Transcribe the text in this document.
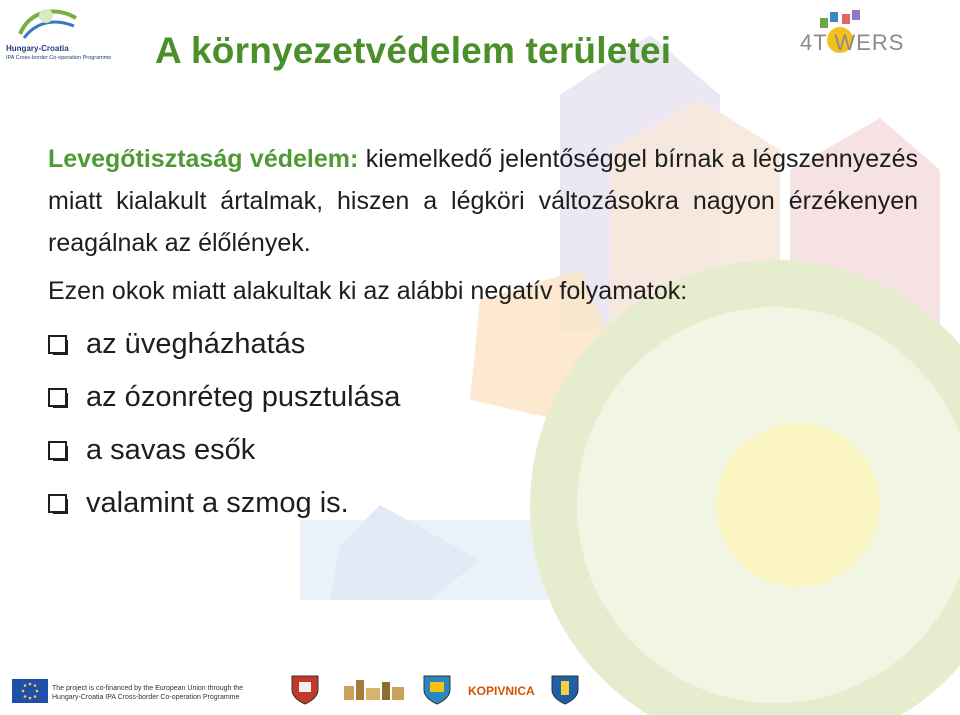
Hungary-Croatia
IPA Cross-border Co-operation Programme
4T WERS
A környezetvédelem területei

Levegőtisztaság védelem: kiemelkedő jelentőséggel bírnak a légszennyezés miatt kialakult ártalmak, hiszen a légköri változásokra nagyon érzékenyen reagálnak az élőlények.

Ezen okok miatt alakultak ki az alábbi negatív folyamatok:

az üvegházhatás
az ózonréteg pusztulása
a savas esők
valamint a szmog is.
The project is co-financed by the European Union through the
Hungary-Croatia IPA Cross-border Co-operation Programme	KOPIVNICA
